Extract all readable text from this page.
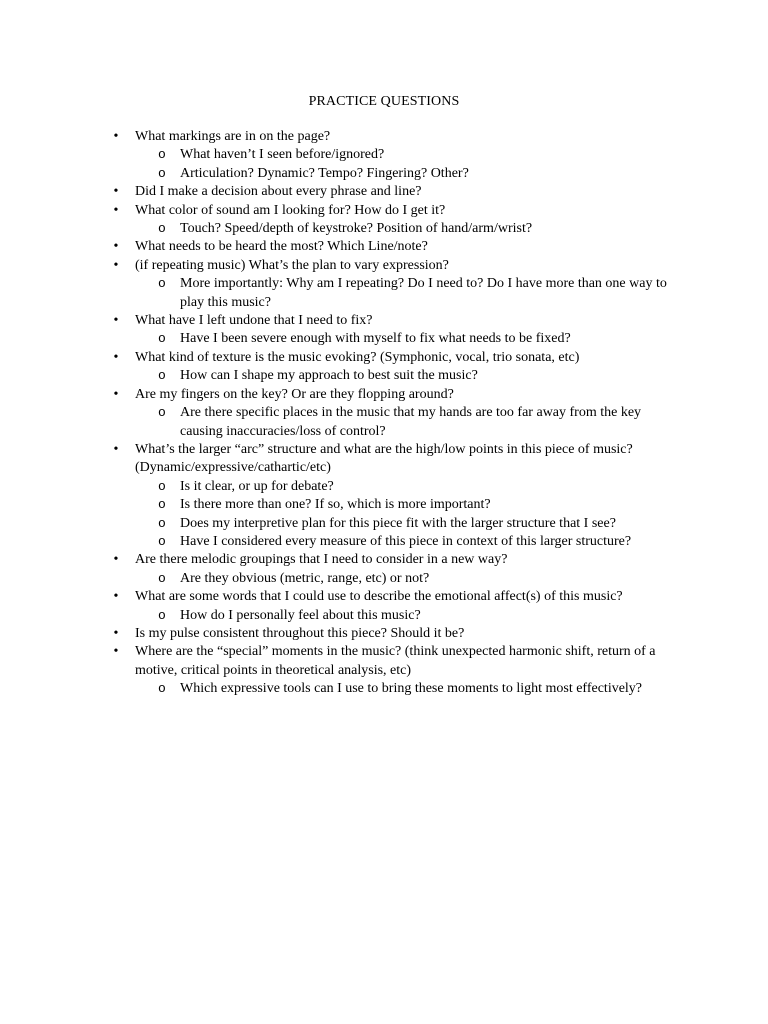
PRACTICE QUESTIONS
• What markings are in on the page?
o What haven’t I seen before/ignored?
o Articulation? Dynamic? Tempo? Fingering? Other?
• Did I make a decision about every phrase and line?
• What color of sound am I looking for? How do I get it?
o Touch? Speed/depth of keystroke? Position of hand/arm/wrist?
• What needs to be heard the most? Which Line/note?
• (if repeating music) What’s the plan to vary expression?
o More importantly: Why am I repeating? Do I need to? Do I have more than one way to play this music?
• What have I left undone that I need to fix?
o Have I been severe enough with myself to fix what needs to be fixed?
• What kind of texture is the music evoking? (Symphonic, vocal, trio sonata, etc)
o How can I shape my approach to best suit the music?
• Are my fingers on the key? Or are they flopping around?
o Are there specific places in the music that my hands are too far away from the key causing inaccuracies/loss of control?
• What’s the larger “arc” structure and what are the high/low points in this piece of music? (Dynamic/expressive/cathartic/etc)
o Is it clear, or up for debate?
o Is there more than one? If so, which is more important?
o Does my interpretive plan for this piece fit with the larger structure that I see?
o Have I considered every measure of this piece in context of this larger structure?
• Are there melodic groupings that I need to consider in a new way?
o Are they obvious (metric, range, etc) or not?
• What are some words that I could use to describe the emotional affect(s) of this music?
o How do I personally feel about this music?
• Is my pulse consistent throughout this piece? Should it be?
• Where are the “special” moments in the music? (think unexpected harmonic shift, return of a motive, critical points in theoretical analysis, etc)
o Which expressive tools can I use to bring these moments to light most effectively?
